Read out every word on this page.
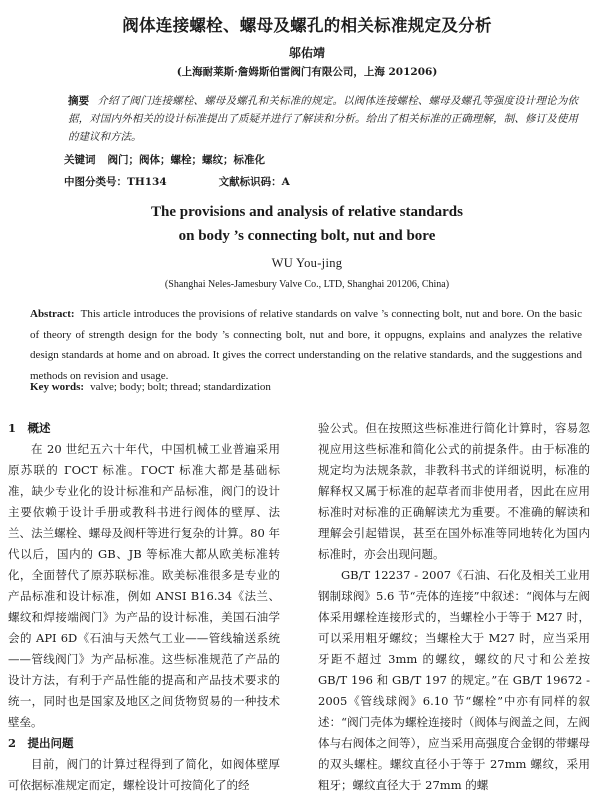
阀体连接螺栓、螺母及螺孔的相关标准规定及分析
邬佑靖
(上海耐莱斯·詹姆斯伯雷阀门有限公司，上海 201206)
摘要 介绍了阀门连接螺栓、螺母及螺孔和关标准的规定。以阀体连接螺栓、螺母及螺孔等强度设计理论为依据，对国内外相关的设计标准提出了质疑并进行了解读和分析。给出了相关标准的正确理解，制、修订及使用的建议和方法。
关键词 阀门；阀体；螺栓；螺纹；标准化
中图分类号：TH134	文献标识码：A
The provisions and analysis of relative standards
on body ’s connecting bolt, nut and bore
WU You-jing
(Shanghai Neles-Jamesbury Valve Co., LTD, Shanghai 201206, China)
Abstract: This article introduces the provisions of relative standards on valve ’s connecting bolt, nut and bore. On the basic of theory of strength design for the body ’s connecting bolt, nut and bore, it oppugns, explains and analyzes the relative design standards at home and on abroad. It gives the correct understanding on the relative standards, and the suggestions and methods on revision and usage.
Key words: valve; body; bolt; thread; standardization
1　概述

在 20 世纪五六十年代，中国机械工业普遍采用原苏联的 ГОСТ 标准。ГОСТ 标准大都是基础标准，缺少专业化的设计标准和产品标准，阀门的设计主要依赖于设计手册或教科书进行阀体的壁厚、法兰、法兰螺栓、螺母及阀杆等进行复杂的计算。80 年代以后，国内的 GB、JB 等标准大都从欧美标准转化，全面替代了原苏联标准。欧美标准很多是专业的产品标准和设计标准，例如 ANSI B16.34《法兰、螺纹和焊接端阀门》为产品的设计标准，美国石油学会的 API 6D《石油与天然气工业——管线输送系统——管线阀门》为产品标准。这些标准规范了产品的设计方法，有利于产品性能的提高和产品技术要求的统一，同时也是国家及地区之间货物贸易的一种技术壁垒。

2　提出问题

目前，阀门的计算过程得到了简化，如阀体壁厚可依据标准规定而定，螺栓设计可按简化了的经

验公式。但在按照这些标准进行简化计算时，容易忽视应用这些标准和简化公式的前提条件。由于标准的规定均为法规条款，非教科书式的详细说明，标准的解释权又属于标准的起草者而非使用者，因此在应用标准时对标准的正确解读尤为重要。不准确的解读和理解会引起错误，甚至在国外标准等同地转化为国内标准时，亦会出现问题。

GB/T 12237 - 2007《石油、石化及相关工业用钢制球阀》5.6 节“壳体的连接”中叙述：“阀体与左阀体采用螺栓连接形式的，当螺栓小于等于 M27 时，可以采用粗牙螺纹；当螺栓大于 M27 时，应当采用牙距不超过 3mm 的螺纹，螺纹的尺寸和公差按 GB/T 196 和 GB/T 197 的规定。”在 GB/T 19672 - 2005《管线球阀》6.10 节“螺栓”中亦有同样的叙述：“阀门壳体为螺栓连接时（阀体与阀盖之间，左阀体与右阀体之间等），应当采用高强度合金钢的带螺母的双头螺柱。螺纹直径小于等于 27mm 螺纹，采用粗牙；螺纹直径大于 27mm 的螺
